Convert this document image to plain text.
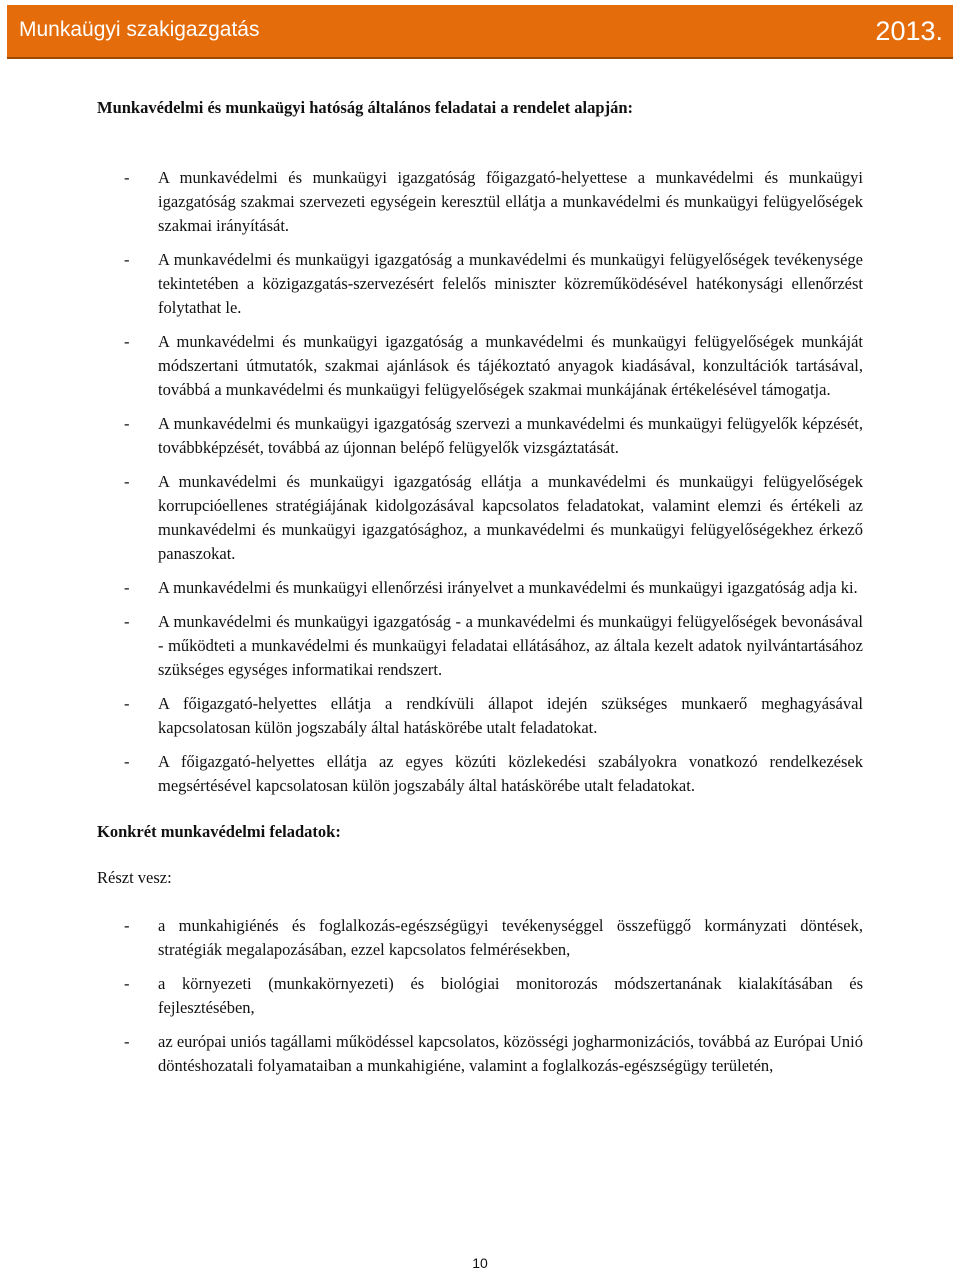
Munkaügyi szakigazgatás	2013.

Munkavédelmi és munkaügyi hatóság általános feladatai a rendelet alapján:

- A munkavédelmi és munkaügyi igazgatóság főigazgató-helyettese a munkavédelmi és munkaügyi igazgatóság szakmai szervezeti egységein keresztül ellátja a munkavédelmi és munkaügyi felügyelőségek szakmai irányítását.
- A munkavédelmi és munkaügyi igazgatóság a munkavédelmi és munkaügyi felügyelőségek tevékenysége tekintetében a közigazgatás-szervezésért felelős miniszter közreműködésével hatékonysági ellenőrzést folytathat le.
- A munkavédelmi és munkaügyi igazgatóság a munkavédelmi és munkaügyi felügyelőségek munkáját módszertani útmutatók, szakmai ajánlások és tájékoztató anyagok kiadásával, konzultációk tartásával, továbbá a munkavédelmi és munkaügyi felügyelőségek szakmai munkájának értékelésével támogatja.
- A munkavédelmi és munkaügyi igazgatóság szervezi a munkavédelmi és munkaügyi felügyelők képzését, továbbképzését, továbbá az újonnan belépő felügyelők vizsgáztatását.
- A munkavédelmi és munkaügyi igazgatóság ellátja a munkavédelmi és munkaügyi felügyelőségek korrupcióellenes stratégiájának kidolgozásával kapcsolatos feladatokat, valamint elemzi és értékeli az munkavédelmi és munkaügyi igazgatósághoz, a munkavédelmi és munkaügyi felügyelőségekhez érkező panaszokat.
- A munkavédelmi és munkaügyi ellenőrzési irányelvet a munkavédelmi és munkaügyi igazgatóság adja ki.
- A munkavédelmi és munkaügyi igazgatóság - a munkavédelmi és munkaügyi felügyelőségek bevonásával - működteti a munkavédelmi és munkaügyi feladatai ellátásához, az általa kezelt adatok nyilvántartásához szükséges egységes informatikai rendszert.
- A főigazgató-helyettes ellátja a rendkívüli állapot idején szükséges munkaerő meghagyásával kapcsolatosan külön jogszabály által hatáskörébe utalt feladatokat.
- A főigazgató-helyettes ellátja az egyes közúti közlekedési szabályokra vonatkozó rendelkezések megsértésével kapcsolatosan külön jogszabály által hatáskörébe utalt feladatokat.

Konkrét munkavédelmi feladatok:

Részt vesz:

- a munkahigiénés és foglalkozás-egészségügyi tevékenységgel összefüggő kormányzati döntések, stratégiák megalapozásában, ezzel kapcsolatos felmérésekben,
- a környezeti (munkakörnyezeti) és biológiai monitorozás módszertanának kialakításában és fejlesztésében,
- az európai uniós tagállami működéssel kapcsolatos, közösségi jogharmonizációs, továbbá az Európai Unió döntéshozatali folyamataiban a munkahigiéne, valamint a foglalkozás-egészségügy területén,
10
